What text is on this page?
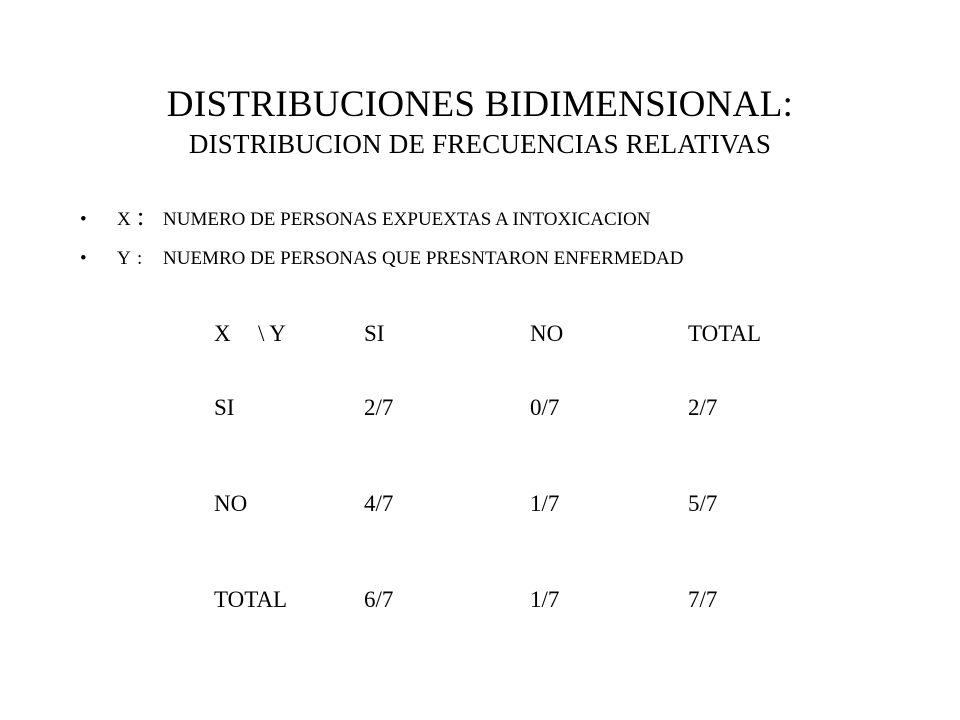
DISTRIBUCIONES BIDIMENSIONAL:
DISTRIBUCION DE FRECUENCIAS RELATIVAS
• X : NUMERO DE PERSONAS EXPUEXTAS A INTOXICACION
• Y : NUEMRO DE PERSONAS QUE PRESNTARON ENFERMEDAD
X \ Y	SI	NO	TOTAL
SI	2/7	0/7	2/7
NO	4/7	1/7	5/7
TOTAL	6/7	1/7	7/7
